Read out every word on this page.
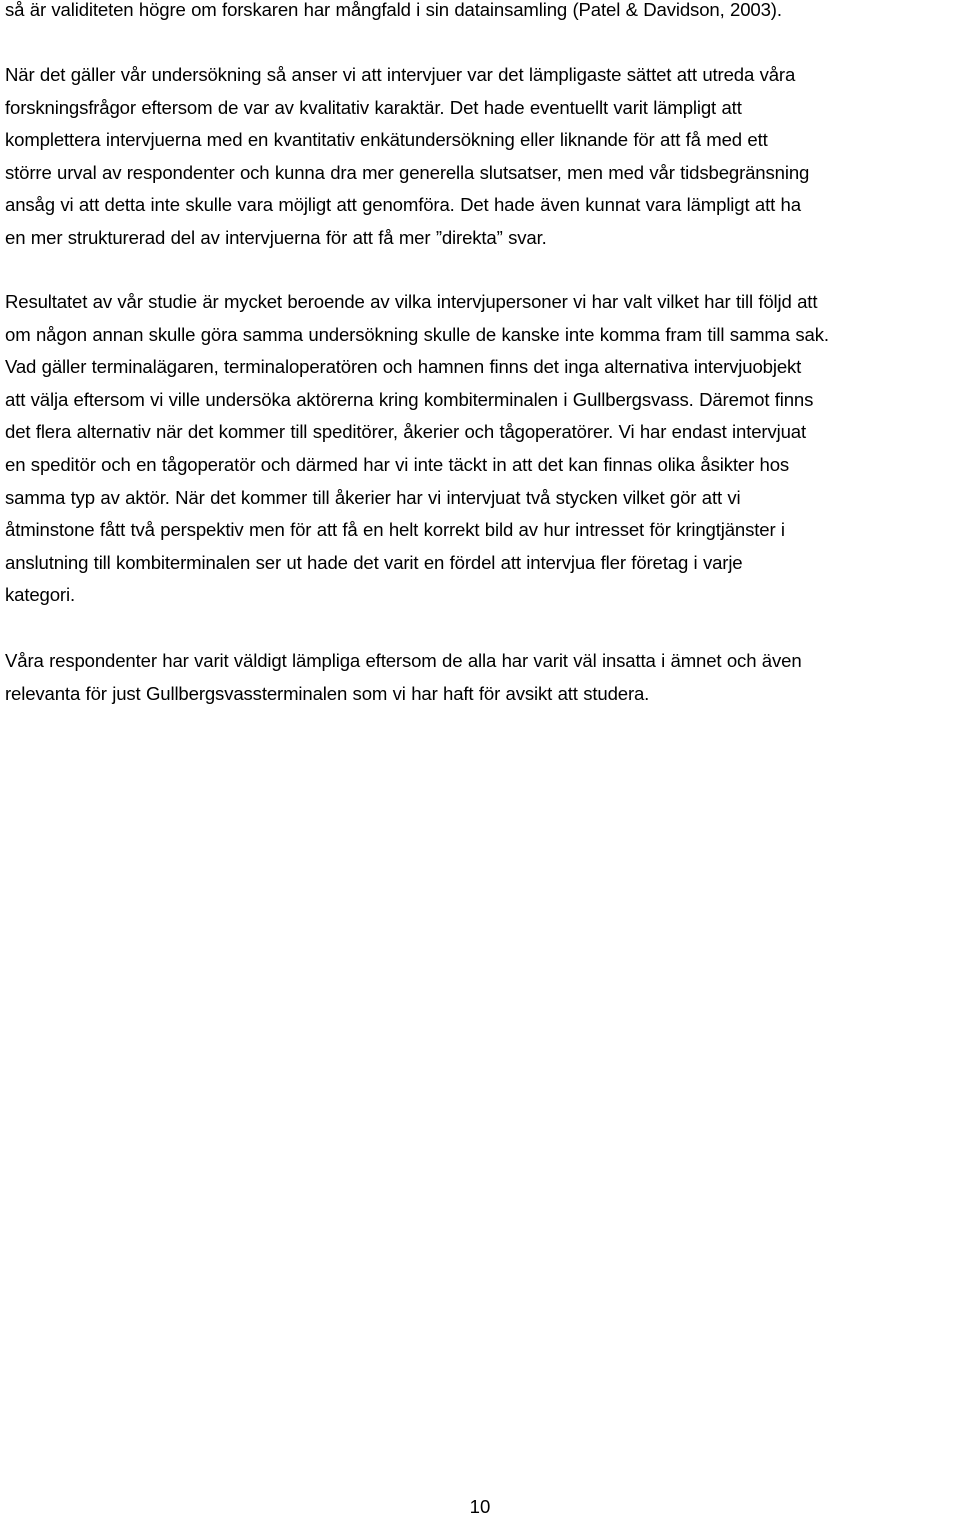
så är validiteten högre om forskaren har mångfald i sin datainsamling (Patel & Davidson, 2003).

När det gäller vår undersökning så anser vi att intervjuer var det lämpligaste sättet att utreda våra
forskningsfrågor eftersom de var av kvalitativ karaktär. Det hade eventuellt varit lämpligt att
komplettera intervjuerna med en kvantitativ enkätundersökning eller liknande för att få med ett
större urval av respondenter och kunna dra mer generella slutsatser, men med vår tidsbegränsning
ansåg vi att detta inte skulle vara möjligt att genomföra. Det hade även kunnat vara lämpligt att ha
en mer strukturerad del av intervjuerna för att få mer ”direkta” svar.

Resultatet av vår studie är mycket beroende av vilka intervjupersoner vi har valt vilket har till följd att
om någon annan skulle göra samma undersökning skulle de kanske inte komma fram till samma sak.
Vad gäller terminalägaren, terminaloperatören och hamnen finns det inga alternativa intervjuobjekt
att välja eftersom vi ville undersöka aktörerna kring kombiterminalen i Gullbergsvass. Däremot finns
det flera alternativ när det kommer till speditörer, åkerier och tågoperatörer. Vi har endast intervjuat
en speditör och en tågoperatör och därmed har vi inte täckt in att det kan finnas olika åsikter hos
samma typ av aktör. När det kommer till åkerier har vi intervjuat två stycken vilket gör att vi
åtminstone fått två perspektiv men för att få en helt korrekt bild av hur intresset för kringtjänster i
anslutning till kombiterminalen ser ut hade det varit en fördel att intervjua fler företag i varje
kategori.

Våra respondenter har varit väldigt lämpliga eftersom de alla har varit väl insatta i ämnet och även
relevanta för just Gullbergsvassterminalen som vi har haft för avsikt att studera.

10
